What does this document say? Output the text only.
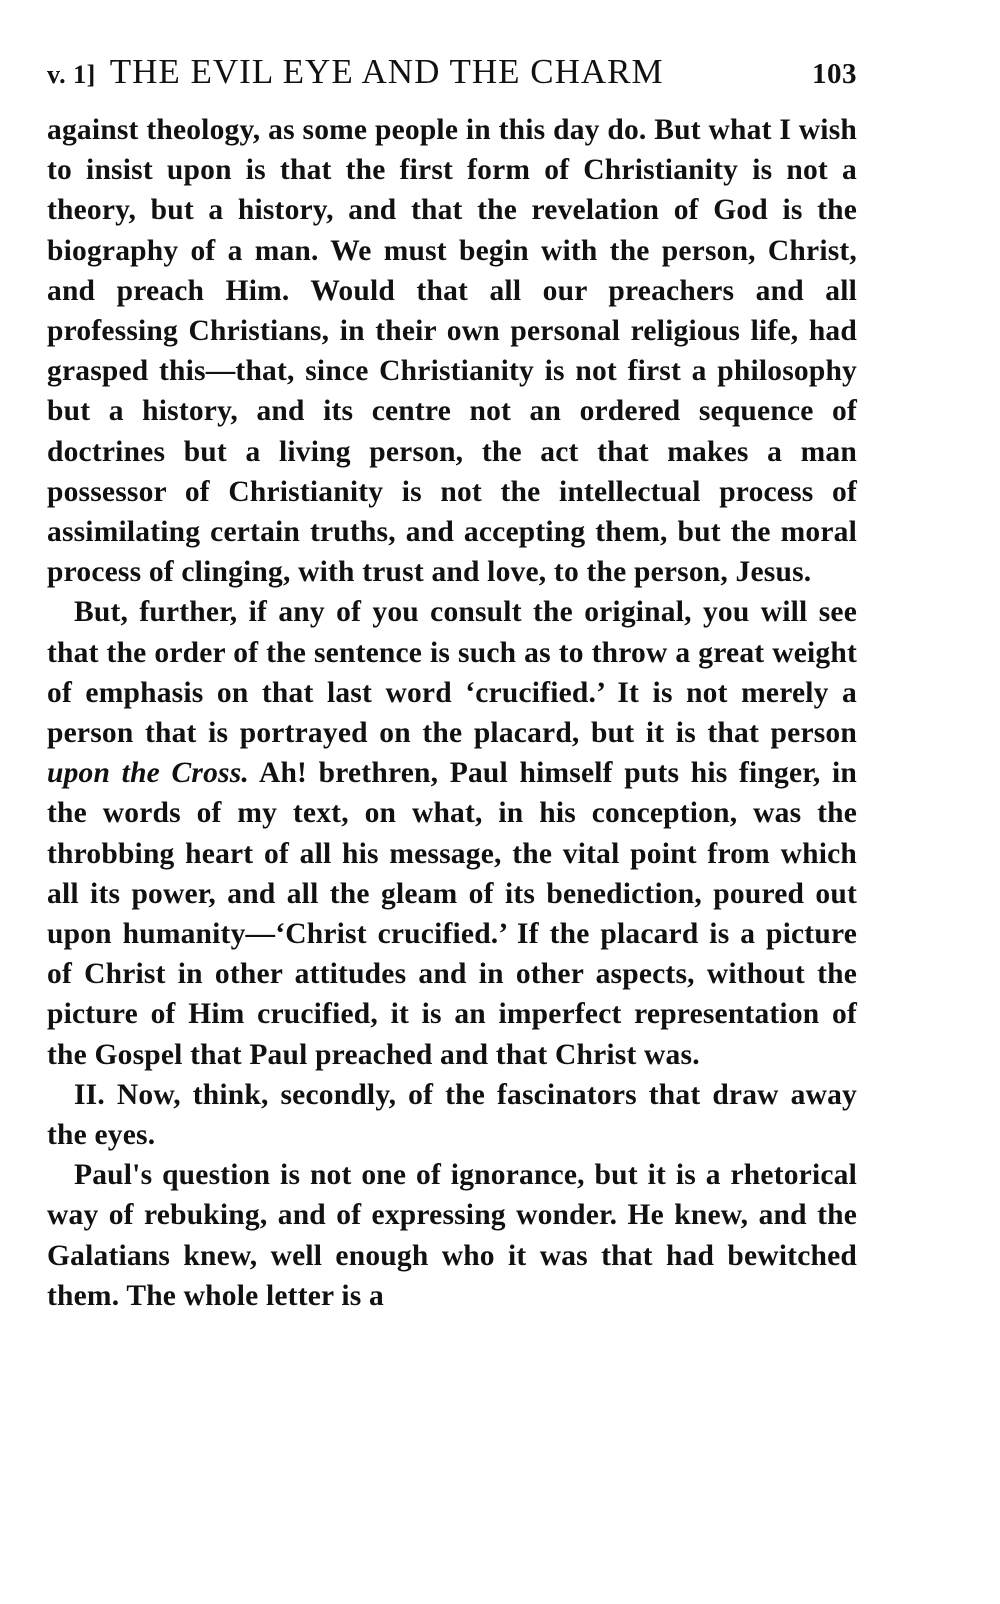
v. 1] THE EVIL EYE AND THE CHARM	103

against theology, as some people in this day do. But what I wish to insist upon is that the first form of Christianity is not a theory, but a history, and that the revelation of God is the biography of a man. We must begin with the person, Christ, and preach Him. Would that all our preachers and all professing Christians, in their own personal religious life, had grasped this—that, since Christianity is not first a philosophy but a history, and its centre not an ordered sequence of doctrines but a living person, the act that makes a man possessor of Christianity is not the intellectual process of assimilating certain truths, and accepting them, but the moral process of clinging, with trust and love, to the person, Jesus.

But, further, if any of you consult the original, you will see that the order of the sentence is such as to throw a great weight of emphasis on that last word ‘crucified.’ It is not merely a person that is portrayed on the placard, but it is that person upon the Cross. Ah! brethren, Paul himself puts his finger, in the words of my text, on what, in his conception, was the throbbing heart of all his message, the vital point from which all its power, and all the gleam of its benediction, poured out upon humanity—‘Christ crucified.’ If the placard is a picture of Christ in other attitudes and in other aspects, without the picture of Him crucified, it is an imperfect representation of the Gospel that Paul preached and that Christ was.

II. Now, think, secondly, of the fascinators that draw away the eyes.

Paul's question is not one of ignorance, but it is a rhetorical way of rebuking, and of expressing wonder. He knew, and the Galatians knew, well enough who it was that had bewitched them. The whole letter is a
